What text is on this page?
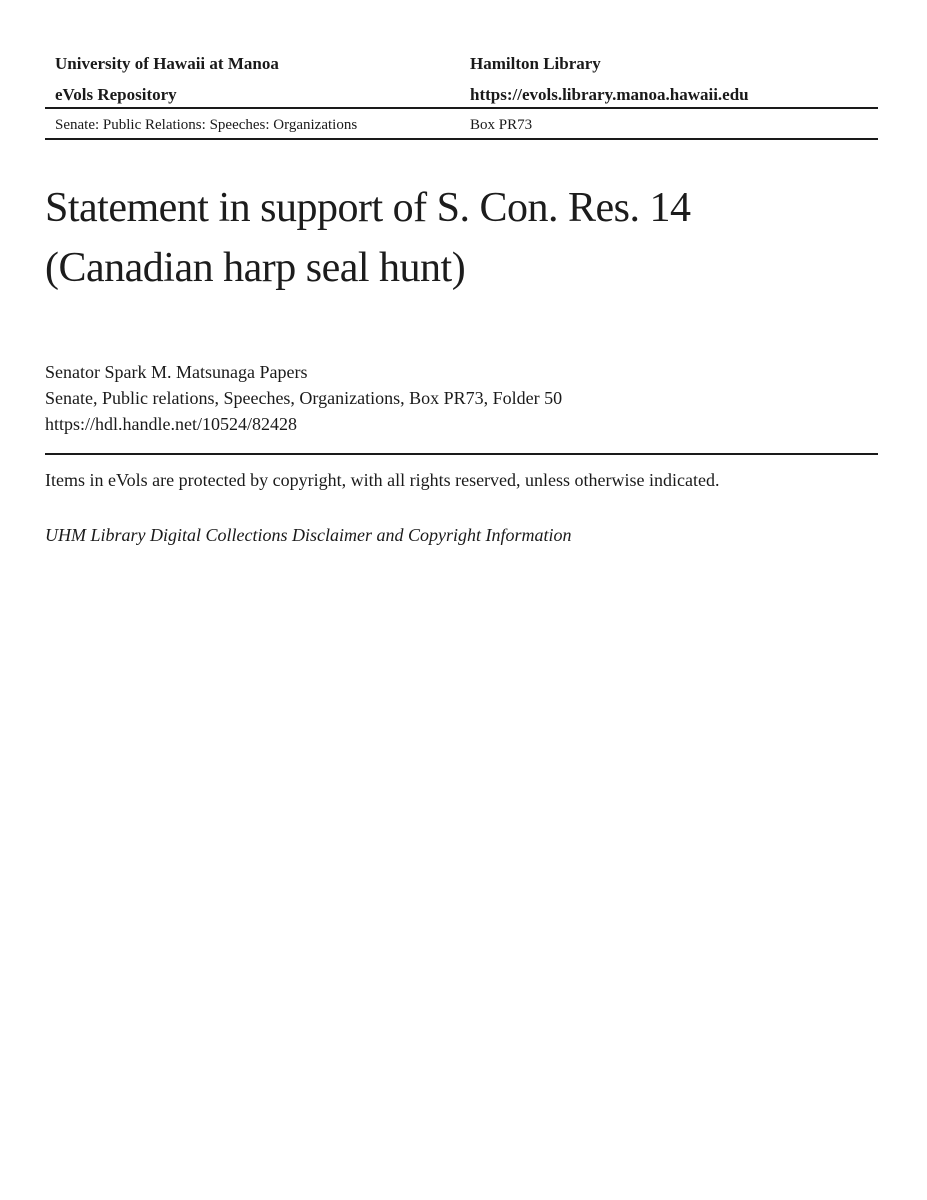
University of Hawaii at Manoa
eVols Repository
Hamilton Library
https://evols.library.manoa.hawaii.edu
Senate: Public Relations: Speeches: Organizations	Box PR73
Statement in support of S. Con. Res. 14 (Canadian harp seal hunt)
Senator Spark M. Matsunaga Papers
Senate, Public relations, Speeches, Organizations, Box PR73, Folder 50
https://hdl.handle.net/10524/82428
Items in eVols are protected by copyright, with all rights reserved, unless otherwise indicated.
UHM Library Digital Collections Disclaimer and Copyright Information
